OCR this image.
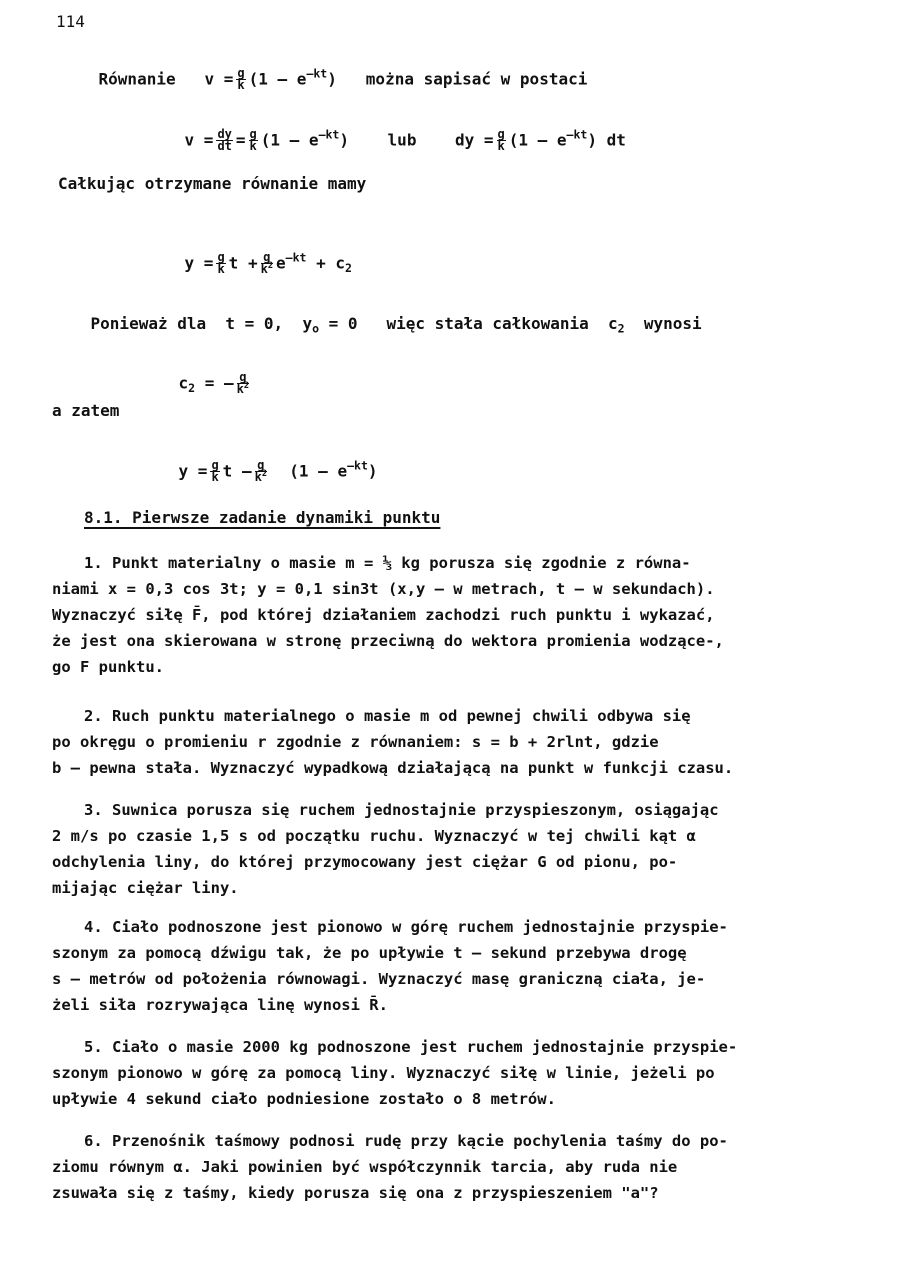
114

Równanie $v = \frac{g}{k} (1 - e^{-kt})$ można sapisać w postaci

$v = \frac{dy}{dt} = \frac{g}{k} (1 - e^{-kt})$ lub dy = $\frac{g}{k} (1 - e^{-kt})$ dt

Całkując otrzymane równanie mamy

$y = \frac{g}{k}$ $t + \frac{g}{k^2} e^{-kt} + c_2$

Ponieważ dla  t = 0,  $y_o = 0$   więc stała całkowania  $c_2$  wynosi

$c_2$ = – $\frac{g}{k^2}$

a zatem

$y = \frac{g}{k}$ t – $\frac{g}{k^2} (1 - e^{-kt})$

8.1. Pierwsze zadanie dynamiki punktu

1. Punkt materialny o masie m = ⅓ kg porusza się zgodnie z równa-

niami x = 0,3 cos 3t; y = 0,1 sin3t (x,y – w metrach, t – w sekundach).

Wyznaczyć siłę F̄, pod której działaniem zachodzi ruch punktu i wykazać,

że jest ona skierowana w stronę przeciwną do wektora promienia wodzące-,

go F punktu.

2. Ruch punktu materialnego o masie m od pewnej chwili odbywa się

po okręgu o promieniu r zgodnie z równaniem: s = b + 2rlnt, gdzie

b – pewna stała. Wyznaczyć wypadkową działającą na punkt w funkcji czasu.

3. Suwnica porusza się ruchem jednostajnie przyspieszonym, osiągając

2 m/s po czasie 1,5 s od początku ruchu. Wyznaczyć w tej chwili kąt α

odchylenia liny, do której przymocowany jest ciężar G od pionu, po-

mijając ciężar liny.

4. Ciało podnoszone jest pionowo w górę ruchem jednostajnie przyspie-

szonym za pomocą dźwigu tak, że po upływie t – sekund przebywa drogę

s – metrów od położenia równowagi. Wyznaczyć masę graniczną ciała, je-

żeli siła rozrywająca linę wynosi R̄.

5. Ciało o masie 2000 kg podnoszone jest ruchem jednostajnie przyspie-

szonym pionowo w górę za pomocą liny. Wyznaczyć siłę w linie, jeżeli po

upływie 4 sekund ciało podniesione zostało o 8 metrów.

6. Przenośnik taśmowy podnosi rudę przy kącie pochylenia taśmy do po-

ziomu równym α. Jaki powinien być współczynnik tarcia, aby ruda nie

zsuwała się z taśmy, kiedy porusza się ona z przyspieszeniem "a"?
